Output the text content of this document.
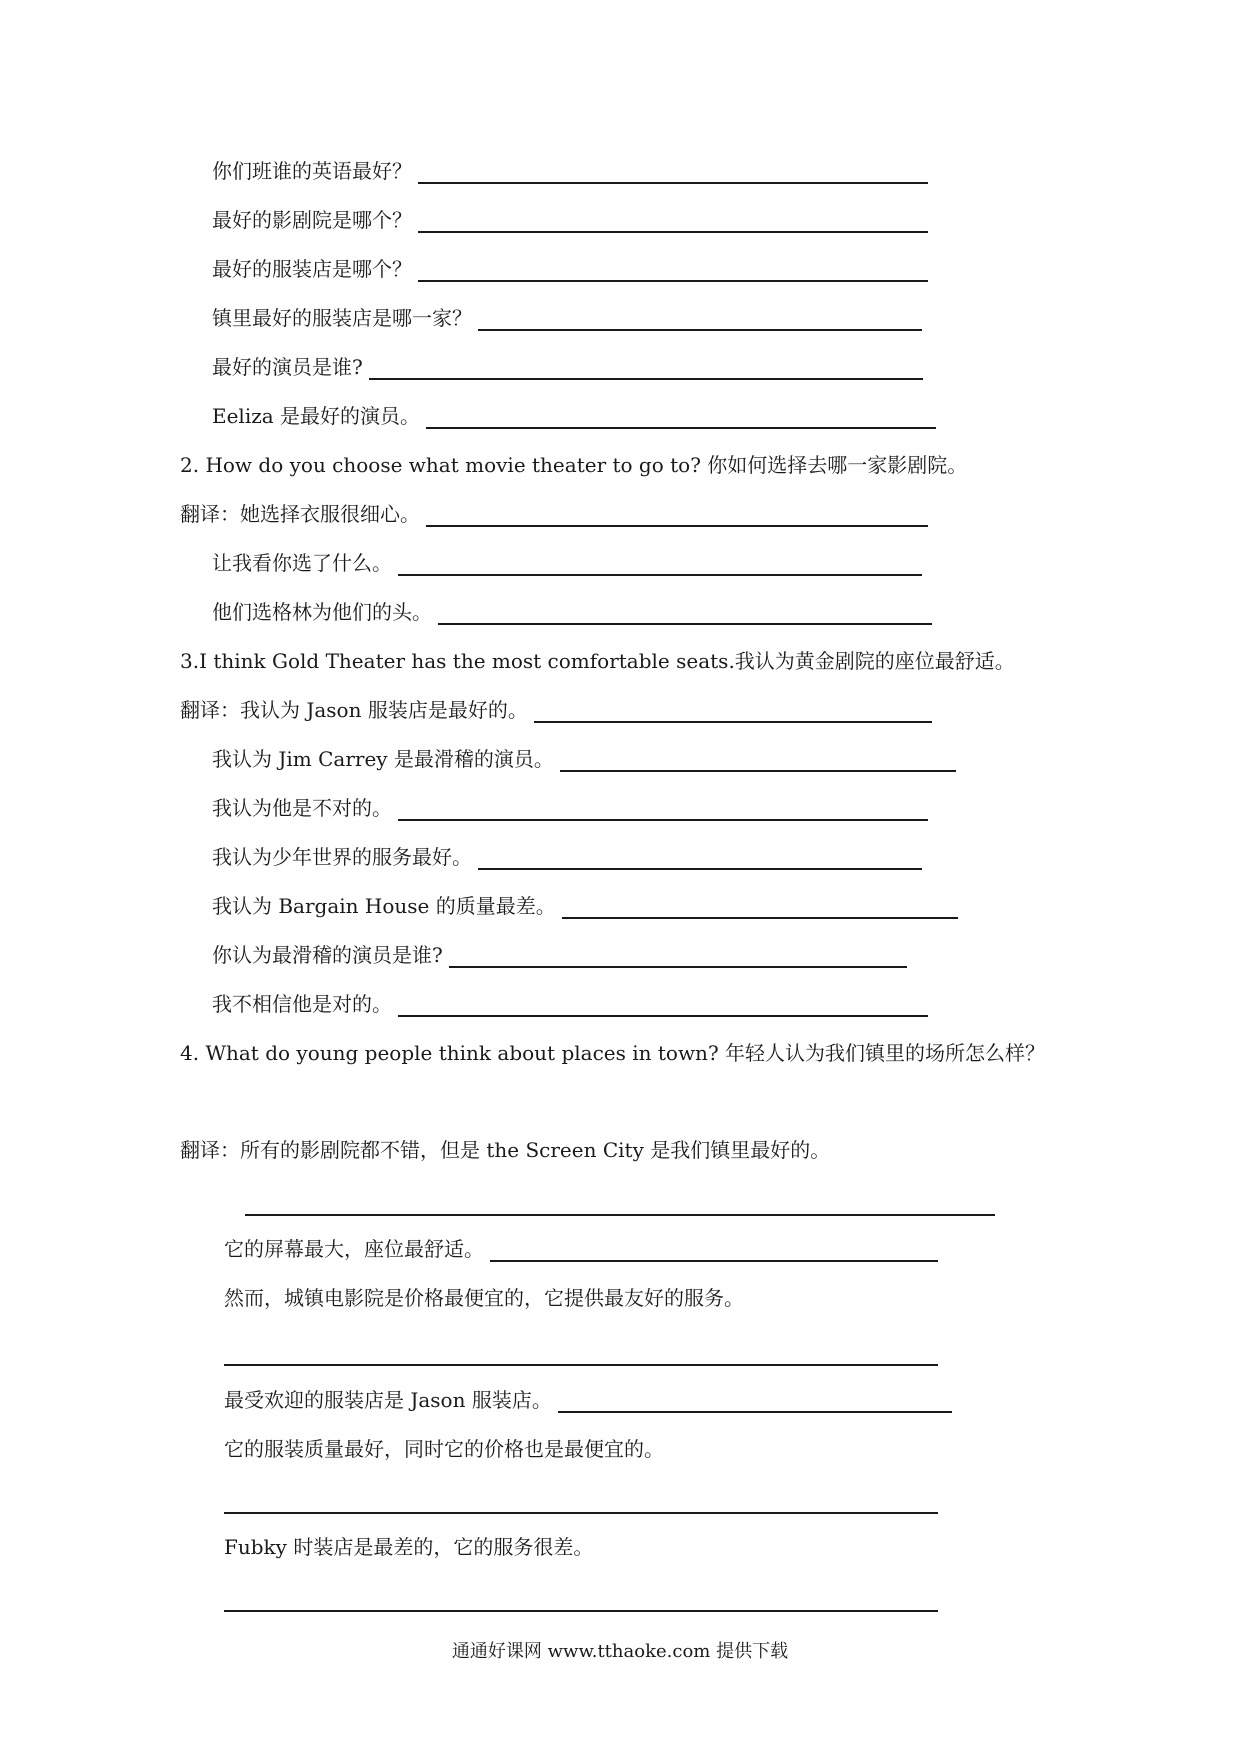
你们班谁的英语最好？
最好的影剧院是哪个？
最好的服装店是哪个？
镇里最好的服装店是哪一家？
最好的演员是谁?
Eeliza 是最好的演员。
2. How do you choose what movie theater to go to? 你如何选择去哪一家影剧院。
翻译：她选择衣服很细心。
让我看你选了什么。
他们选格林为他们的头。
3.I think Gold Theater has the most comfortable seats.我认为黄金剧院的座位最舒适。
翻译：我认为 Jason 服装店是最好的。
我认为 Jim Carrey 是最滑稽的演员。
我认为他是不对的。
我认为少年世界的服务最好。
我认为 Bargain House 的质量最差。
你认为最滑稽的演员是谁?
我不相信他是对的。
4. What do young people think about places in town? 年轻人认为我们镇里的场所怎么样？
翻译：所有的影剧院都不错，但是 the Screen City 是我们镇里最好的。
它的屏幕最大，座位最舒适。
然而，城镇电影院是价格最便宜的，它提供最友好的服务。
最受欢迎的服装店是 Jason 服装店。
它的服装质量最好，同时它的价格也是最便宜的。
Fubky 时装店是最差的，它的服务很差。
通通好课网 www.tthaoke.com 提供下载
